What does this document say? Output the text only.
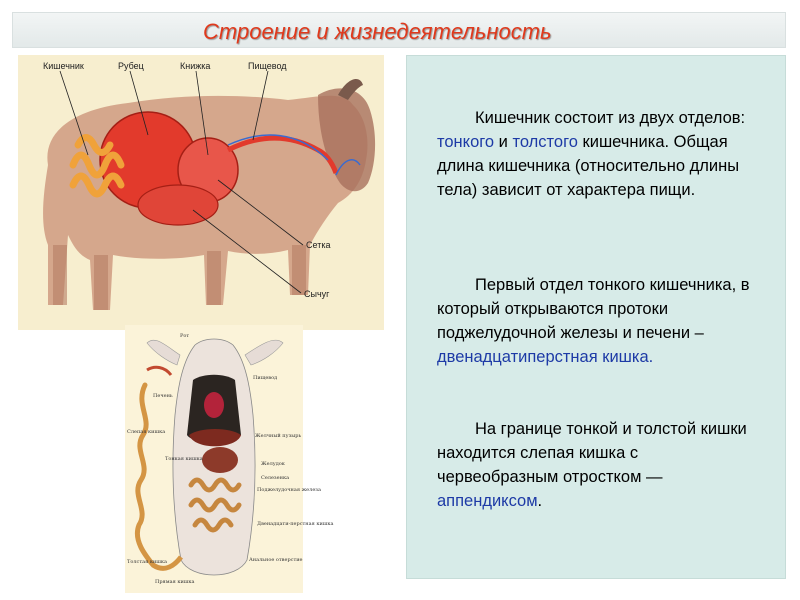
Строение и жизнедеятельность
Кишечник	Рубец	Книжка	Пищевод
Сетка
Сычуг
Рот
Пищевод
Печень
Слепая кишка
Тонкая кишка
Желчный пузырь
Желудок
Селезенка
Поджелудочная железа
Двенадцати-перстная кишка
Толстая кишка
Прямая кишка
Анальное отверстие
Кишечник состоит из двух отделов: тонкого и толстого кишечника. Общая длина кишечника (относительно длины тела) зависит от характера пищи.
Первый отдел тонкого кишечника, в который открываются протоки поджелудочной железы и печени – двенадцатиперстная кишка.
На границе тонкой и толстой кишки находится слепая кишка с червеобразным отростком — аппендиксом.
